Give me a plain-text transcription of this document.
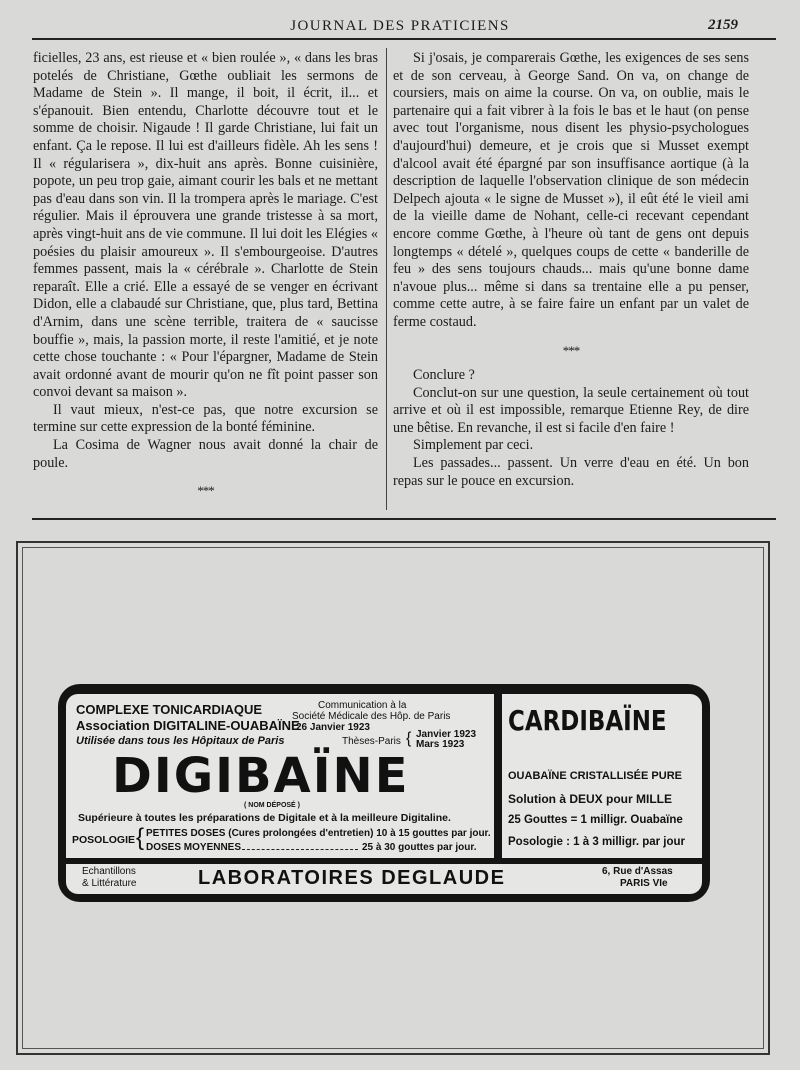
JOURNAL DES PRATICIENS	2159

ficielles, 23 ans, est rieuse et « bien roulée », « dans les bras potelés de Christiane, Gœthe oubliait les sermons de Madame de Stein ». Il mange, il boit, il écrit, il... et s'épanouit. Bien entendu, Charlotte découvre tout et le somme de choisir. Nigaude ! Il garde Christiane, lui fait un enfant. Ça le repose. Il lui est d'ailleurs fidèle. Ah les sens ! Il « régularisera », dix-huit ans après. Bonne cuisinière, popote, un peu trop gaie, aimant courir les bals et ne mettant pas d'eau dans son vin. Il la trompera après le mariage. C'est régulier. Mais il éprouvera une grande tristesse à sa mort, après vingt-huit ans de vie commune. Il lui doit les Elégies « poésies du plaisir amoureux ». Il s'embourgeoise. D'autres femmes passent, mais la « cérébrale ». Charlotte de Stein reparaît. Elle a crié. Elle a essayé de se venger en écrivant Didon, elle a clabaudé sur Christiane, que, plus tard, Bettina d'Arnim, dans une scène terrible, traitera de « saucisse bouffie », mais, la passion morte, il reste l'amitié, et je note cette chose touchante : « Pour l'épargner, Madame de Stein avait ordonné avant de mourir qu'on ne fît point passer son convoi devant sa maison ».

Il vaut mieux, n'est-ce pas, que notre excursion se termine sur cette expression de la bonté féminine.

La Cosima de Wagner nous avait donné la chair de poule.

***

Si j'osais, je comparerais Gœthe, les exigences de ses sens et de son cerveau, à George Sand. On va, on change de coursiers, mais on aime la course. On va, on oublie, mais le partenaire qui a fait vibrer à la fois le bas et le haut (on pense avec tout l'organisme, nous disent les physio-psychologues d'aujourd'hui) demeure, et je crois que si Musset exempt d'alcool avait été épargné par son insuffisance aortique (à la description de laquelle l'observation clinique de son médecin Delpech ajouta « le signe de Musset »), il eût été le vieil ami de la vieille dame de Nohant, celle-ci recevant cependant encore comme Gœthe, à l'heure où tant de gens ont depuis longtemps « dételé », quelques coups de cette « banderille de feu » des sens toujours chauds... mais qu'une bonne dame n'avoue plus... même si dans sa trentaine elle a pu penser, comme cette autre, à se faire faire un enfant par un valet de ferme costaud.

***

Conclure ?

Conclut-on sur une question, la seule certainement où tout arrive et où il est impossible, remarque Etienne Rey, de dire une bêtise. En revanche, il est si facile d'en faire !

Simplement par ceci.

Les passades... passent. Un verre d'eau en été. Un bon repas sur le pouce en excursion.

COMPLEXE TONICARDIAQUE
Association DIGITALINE-OUABAÏNE
Utilisée dans tous les Hôpitaux de Paris
Communication à la
Société Médicale des Hôp. de Paris
26 Janvier 1923
Thèses-Paris { Janvier 1923
Mars 1923
DIGIBAÏNE
( NOM DÉPOSÉ )
Supérieure à toutes les préparations de Digitale et à la meilleure Digitaline.
POSOLOGIE { PETITES DOSES (Cures prolongées d'entretien) 10 à 15 gouttes par jour.
DOSES MOYENNES	25 à 30 gouttes par jour.
CARDIBAÏNE
OUABAÏNE CRISTALLISÉE PURE
Solution à DEUX pour MILLE
25 Gouttes = 1 milligr. Ouabaïne
Posologie : 1 à 3 milligr. par jour
Echantillons
& Littérature	LABORATOIRES DEGLAUDE	6, Rue d'Assas
PARIS VIe
